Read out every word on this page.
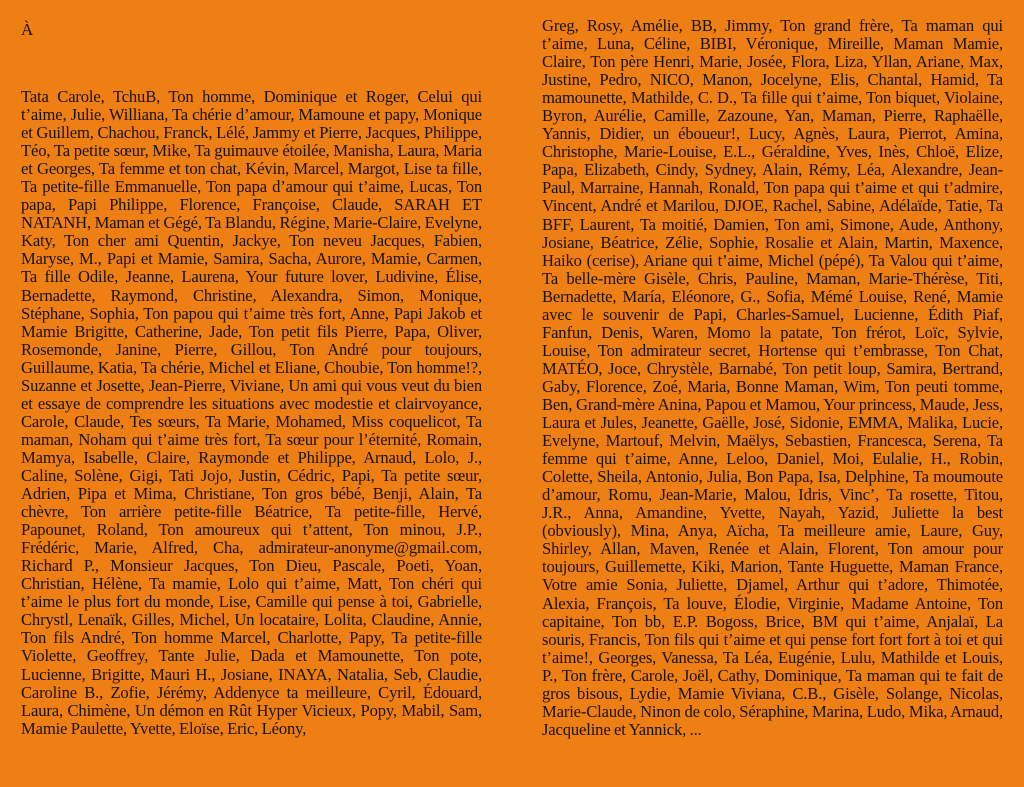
À

Tata Carole, TchuB, Ton homme, Dominique et Roger, Celui qui t’aime, Julie, Williana, Ta chérie d’amour, Mamoune et papy, Monique et Guillem, Chachou, Franck, Lélé, Jammy et Pierre, Jacques, Philippe, Téo, Ta petite sœur, Mike, Ta guimauve étoilée, Manisha, Laura, Maria et Georges, Ta femme et ton chat, Kévin, Marcel, Margot, Lise ta fille, Ta petite-fille Emmanuelle, Ton papa d’amour qui t’aime, Lucas, Ton papa, Papi Philippe, Florence, Françoise, Claude, SARAH ET NATANH, Maman et Gégé, Ta Blandu, Régine, Marie-Claire, Evelyne, Katy, Ton cher ami Quentin, Jackye, Ton neveu Jacques, Fabien, Maryse, M., Papi et Mamie, Samira, Sacha, Aurore, Mamie, Carmen, Ta fille Odile, Jeanne, Laurena, Your future lover, Ludivine, Élise, Bernadette, Raymond, Christine, Alexandra, Simon, Monique, Stéphane, Sophia, Ton papou qui t’aime très fort, Anne, Papi Jakob et Mamie Brigitte, Catherine, Jade, Ton petit fils Pierre, Papa, Oliver, Rosemonde, Janine, Pierre, Gillou, Ton André pour toujours, Guillaume, Katia, Ta chérie, Michel et Eliane, Choubie, Ton homme!?, Suzanne et Josette, Jean-Pierre, Viviane, Un ami qui vous veut du bien et essaye de comprendre les situations avec modestie et clairvoyance, Carole, Claude, Tes sœurs, Ta Marie, Mohamed, Miss coquelicot, Ta maman, Noham qui t’aime très fort, Ta sœur pour l’éternité, Romain, Mamya, Isabelle, Claire, Raymonde et Philippe, Arnaud, Lolo, J., Caline, Solène, Gigi, Tati Jojo, Justin, Cédric, Papi, Ta petite sœur, Adrien, Pipa et Mima, Christiane, Ton gros bébé, Benji, Alain, Ta chèvre, Ton arrière petite-fille Béatrice, Ta petite-fille, Hervé, Papounet, Roland, Ton amoureux qui t’attent, Ton minou, J.P., Frédéric, Marie, Alfred, Cha, admirateur-anonyme@gmail.com, Richard P., Monsieur Jacques, Ton Dieu, Pascale, Poeti, Yoan, Christian, Hélène, Ta mamie, Lolo qui t’aime, Matt, Ton chéri qui t’aime le plus fort du monde, Lise, Camille qui pense à toi, Gabrielle, Chrystl, Lenaïk, Gilles, Michel, Un locataire, Lolita, Claudine, Annie, Ton fils André, Ton homme Marcel, Charlotte, Papy, Ta petite-fille Violette, Geoffrey, Tante Julie, Dada et Mamounette, Ton pote, Lucienne, Brigitte, Mauri H., Josiane, INAYA, Natalia, Seb, Claudie, Caroline B., Zofie, Jérémy, Addenyce ta meilleure, Cyril, Édouard, Laura, Chimène, Un démon en Rût Hyper Vicieux, Popy, Mabil, Sam, Mamie Paulette, Yvette, Eloïse, Eric, Léony,

Greg, Rosy, Amélie, BB, Jimmy, Ton grand frère, Ta maman qui t’aime, Luna, Céline, BIBI, Véronique, Mireille, Maman Mamie, Claire, Ton père Henri, Marie, Josée, Flora, Liza, Yllan, Ariane, Max, Justine, Pedro, NICO, Manon, Jocelyne, Elis, Chantal, Hamid, Ta mamounette, Mathilde, C. D., Ta fille qui t’aime, Ton biquet, Violaine, Byron, Aurélie, Camille, Zazoune, Yan, Maman, Pierre, Raphaëlle, Yannis, Didier, un éboueur!, Lucy, Agnès, Laura, Pierrot, Amina, Christophe, Marie-Louise, E.L., Géraldine, Yves, Inès, Chloë, Elize, Papa, Elizabeth, Cindy, Sydney, Alain, Rémy, Léa, Alexandre, Jean-Paul, Marraine, Hannah, Ronald, Ton papa qui t’aime et qui t’admire, Vincent, André et Marilou, DJOE, Rachel, Sabine, Adélaïde, Tatie, Ta BFF, Laurent, Ta moitié, Damien, Ton ami, Simone, Aude, Anthony, Josiane, Béatrice, Zélie, Sophie, Rosalie et Alain, Martin, Maxence, Haiko (cerise), Ariane qui t’aime, Michel (pépé), Ta Valou qui t’aime, Ta belle-mère Gisèle, Chris, Pauline, Maman, Marie-Thérèse, Titi, Bernadette, María, Eléonore, G., Sofia, Mémé Louise, René, Mamie avec le souvenir de Papi, Charles-Samuel, Lucienne, Édith Piaf, Fanfun, Denis, Waren, Momo la patate, Ton frérot, Loïc, Sylvie, Louise, Ton admirateur secret, Hortense qui t’embrasse, Ton Chat, MATÉO, Joce, Chrystèle, Barnabé, Ton petit loup, Samira, Bertrand, Gaby, Florence, Zoé, Maria, Bonne Maman, Wim, Ton peuti tomme, Ben, Grand-mère Anina, Papou et Mamou, Your princess, Maude, Jess, Laura et Jules, Jeanette, Gaëlle, José, Sidonie, EMMA, Malika, Lucie, Evelyne, Martouf, Melvin, Maëlys, Sebastien, Francesca, Serena, Ta femme qui t’aime, Anne, Leloo, Daniel, Moi, Eulalie, H., Robin, Colette, Sheila, Antonio, Julia, Bon Papa, Isa, Delphine, Ta moumoute d’amour, Romu, Jean-Marie, Malou, Idris, Vinc’, Ta rosette, Titou, J.R., Anna, Amandine, Yvette, Nayah, Yazid, Juliette la best (obviously), Mina, Anya, Aïcha, Ta meilleure amie, Laure, Guy, Shirley, Allan, Maven, Renée et Alain, Florent, Ton amour pour toujours, Guillemette, Kiki, Marion, Tante Huguette, Maman France, Votre amie Sonia, Juliette, Djamel, Arthur qui t’adore, Thimotée, Alexia, François, Ta louve, Élodie, Virginie, Madame Antoine, Ton capitaine, Ton bb, E.P. Bogoss, Brice, BM qui t’aime, Anjalaï, La souris, Francis, Ton fils qui t’aime et qui pense fort fort fort à toi et qui t’aime!, Georges, Vanessa, Ta Léa, Eugénie, Lulu, Mathilde et Louis, P., Ton frère, Carole, Joël, Cathy, Dominique, Ta maman qui te fait de gros bisous, Lydie, Mamie Viviana, C.B., Gisèle, Solange, Nicolas, Marie-Claude, Ninon de colo, Séraphine, Marina, Ludo, Mika, Arnaud, Jacqueline et Yannick, ...
